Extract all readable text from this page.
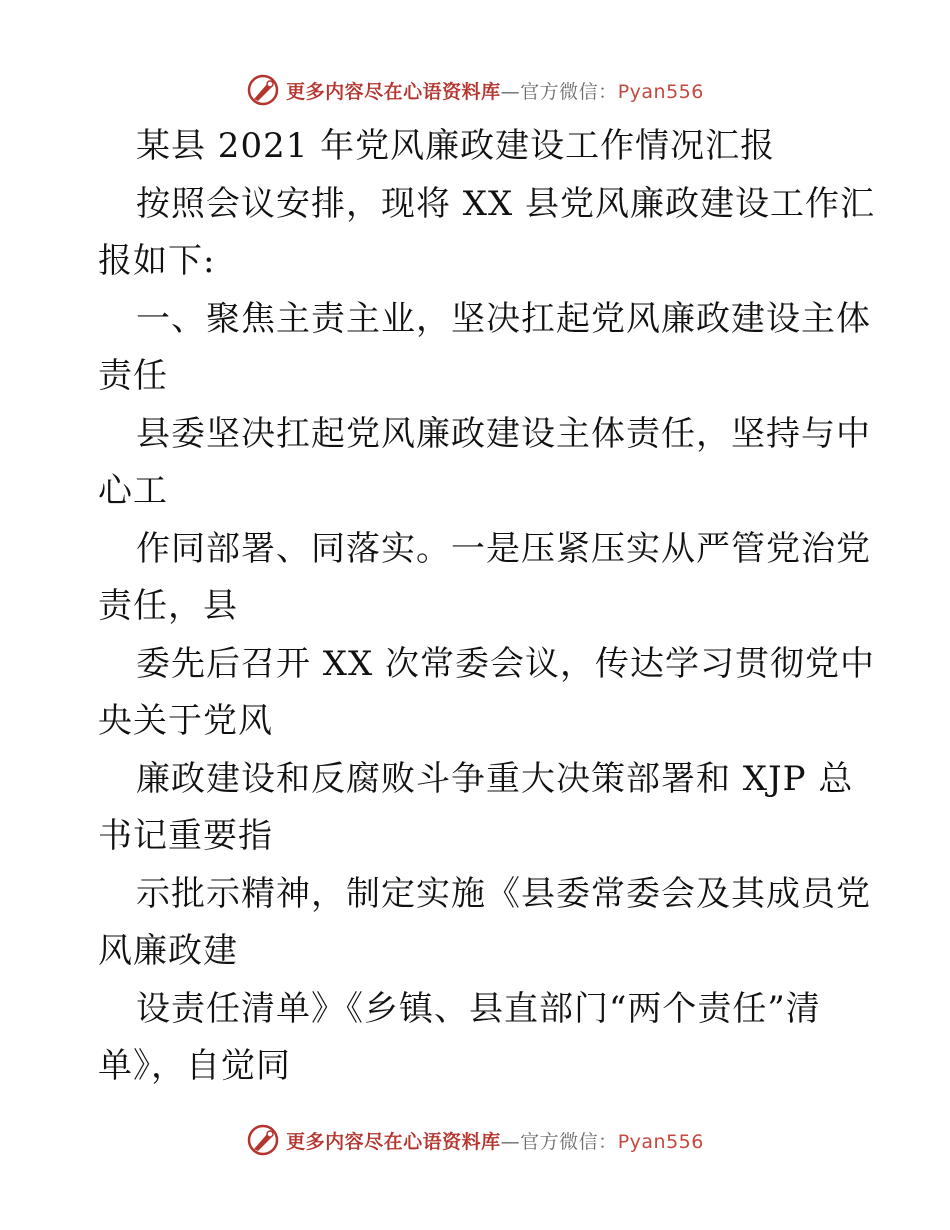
更多内容尽在心语资料库—官方微信：Pyan556
某县 2021 年党风廉政建设工作情况汇报
按照会议安排，现将 XX 县党风廉政建设工作汇
报如下:
一、聚焦主责主业，坚决扛起党风廉政建设主体
责任
县委坚决扛起党风廉政建设主体责任，坚持与中
心工
作同部署、同落实。一是压紧压实从严管党治党
责任，县
委先后召开 XX 次常委会议，传达学习贯彻党中
央关于党风
廉政建设和反腐败斗争重大决策部署和 XJP 总
书记重要指
示批示精神，制定实施《县委常委会及其成员党
风廉政建
设责任清单》《乡镇、县直部门“两个责任”清
单》，自觉同
更多内容尽在心语资料库—官方微信：Pyan556
